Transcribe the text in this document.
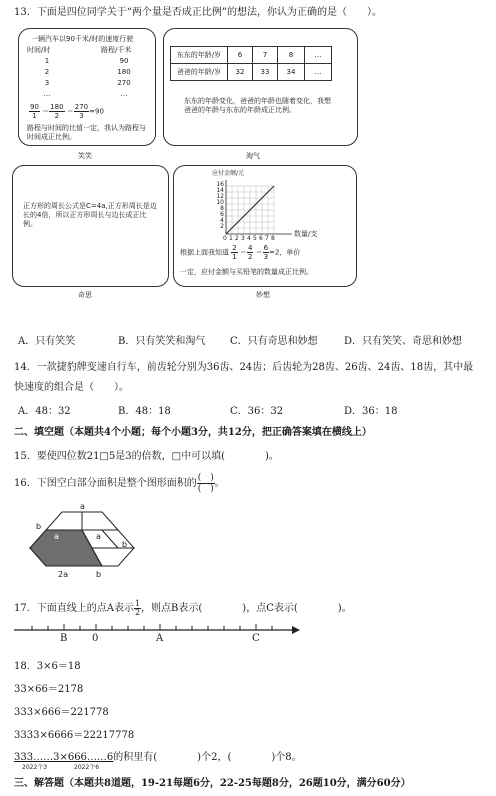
13．下面是四位同学关于“两个量是否成正比例”的想法，你认为正确的是（　　）。
一辆汽车以90千米/时的速度行驶
时间/时	路程/千米
1	90
2	180
3	270
…	…
$\frac{90}{1} = \frac{180}{2} = \frac{270}{3} =90$
路程与时间的比值一定，我认为路程与时间成正比例。
笑笑
东东的年龄/岁	6	7	8	…
爸爸的年龄/岁	32	33	34	…
东东的年龄变化，爸爸的年龄也随着变化，我想爸爸的年龄与东东的年龄成正比例。
淘气
正方形的周长公式是C=4a,正方形周长是边长的4倍，所以正方形周长与边长成正比例。
奇思
应付金额/元
16
14
12
10
8
6
4
2
0 1 2 3 4 5 6 7 8
数量/支
根据上面我知道 $\frac{2}{1} = \frac{4}{2} = \frac{6}{3} =2$，单价
一定，应付金额与买铅笔的数量成正比例。
妙想
A．只有笑笑	B．只有笑笑和淘气 C．只有奇思和妙想	D．只有笑笑、奇思和妙想
14．一款捷豹牌变速自行车，前齿轮分别为36齿、24齿；后齿轮为28齿、26齿、24齿、18齿，其中最
快速度的组合是（　　）。
A．48：32	B．48：18	C．36：32	D．36：18
二、填空题（本题共4个小题；每个小题3分，共12分，把正确答案填在横线上）
15．要使四位数21□5是3的倍数，□中可以填(　　　　)。
16．下图空白部分面积是整个图形面积的 $\frac{( )}{( )}$ 。
a
b
a	a
b
2a	b
17．下面直线上的点A表示 $\frac{1}{2}$ ，则点B表示(　　　　)，点C表示(　　　　)。
B 0	A	C
18．3×6＝18
33×66＝2178
333×666＝221778
3333×6666＝22217778
333……3×666……6的积里有(　　　　)个2，(　　　　)个8。
2022个3	2022个6
三、解答题（本题共8道题，19-21每题6分，22-25每题8分，26题10分，满分60分）
